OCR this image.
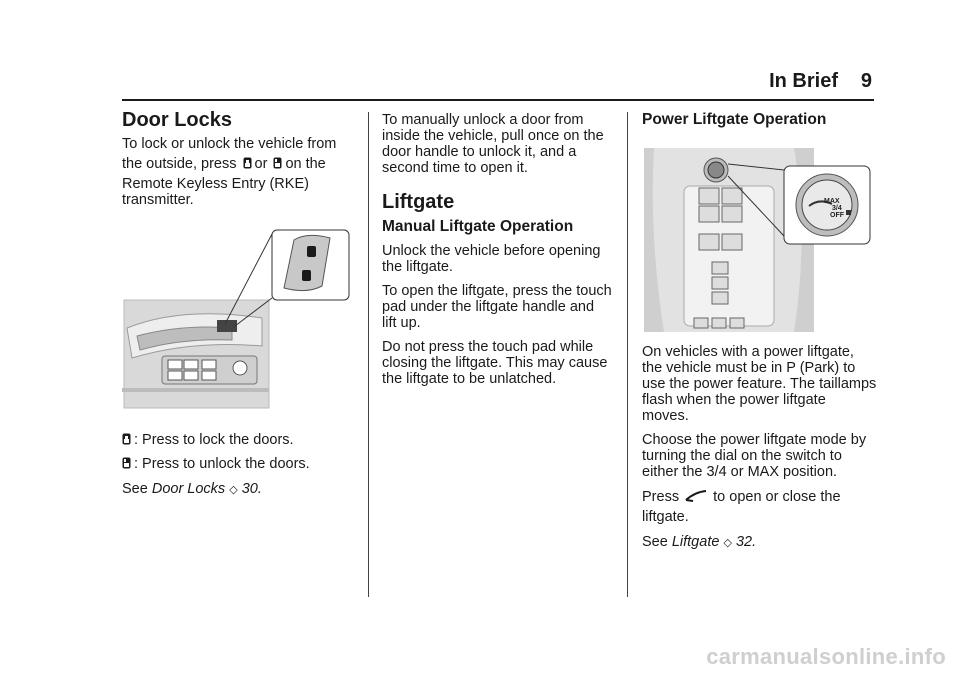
In Brief 9
Door Locks
To lock or unlock the vehicle from
the outside, press or on the
Remote Keyless Entry (RKE)
transmitter.
: Press to lock the doors.
: Press to unlock the doors.
See Door Locks ◇ 30.
To manually unlock a door from
inside the vehicle, pull once on the
door handle to unlock it, and a
second time to open it.
Liftgate
Manual Liftgate Operation
Unlock the vehicle before opening
the liftgate.
To open the liftgate, press the touch
pad under the liftgate handle and
lift up.
Do not press the touch pad while
closing the liftgate. This may cause
the liftgate to be unlatched.
Power Liftgate Operation
MAX
3/4
OFF
On vehicles with a power liftgate,
the vehicle must be in P (Park) to
use the power feature. The taillamps
flash when the power liftgate
moves.
Choose the power liftgate mode by
turning the dial on the switch to
either the 3/4 or MAX position.
Press to open or close the
liftgate.
See Liftgate ◇ 32.
carmanualsonline.info
